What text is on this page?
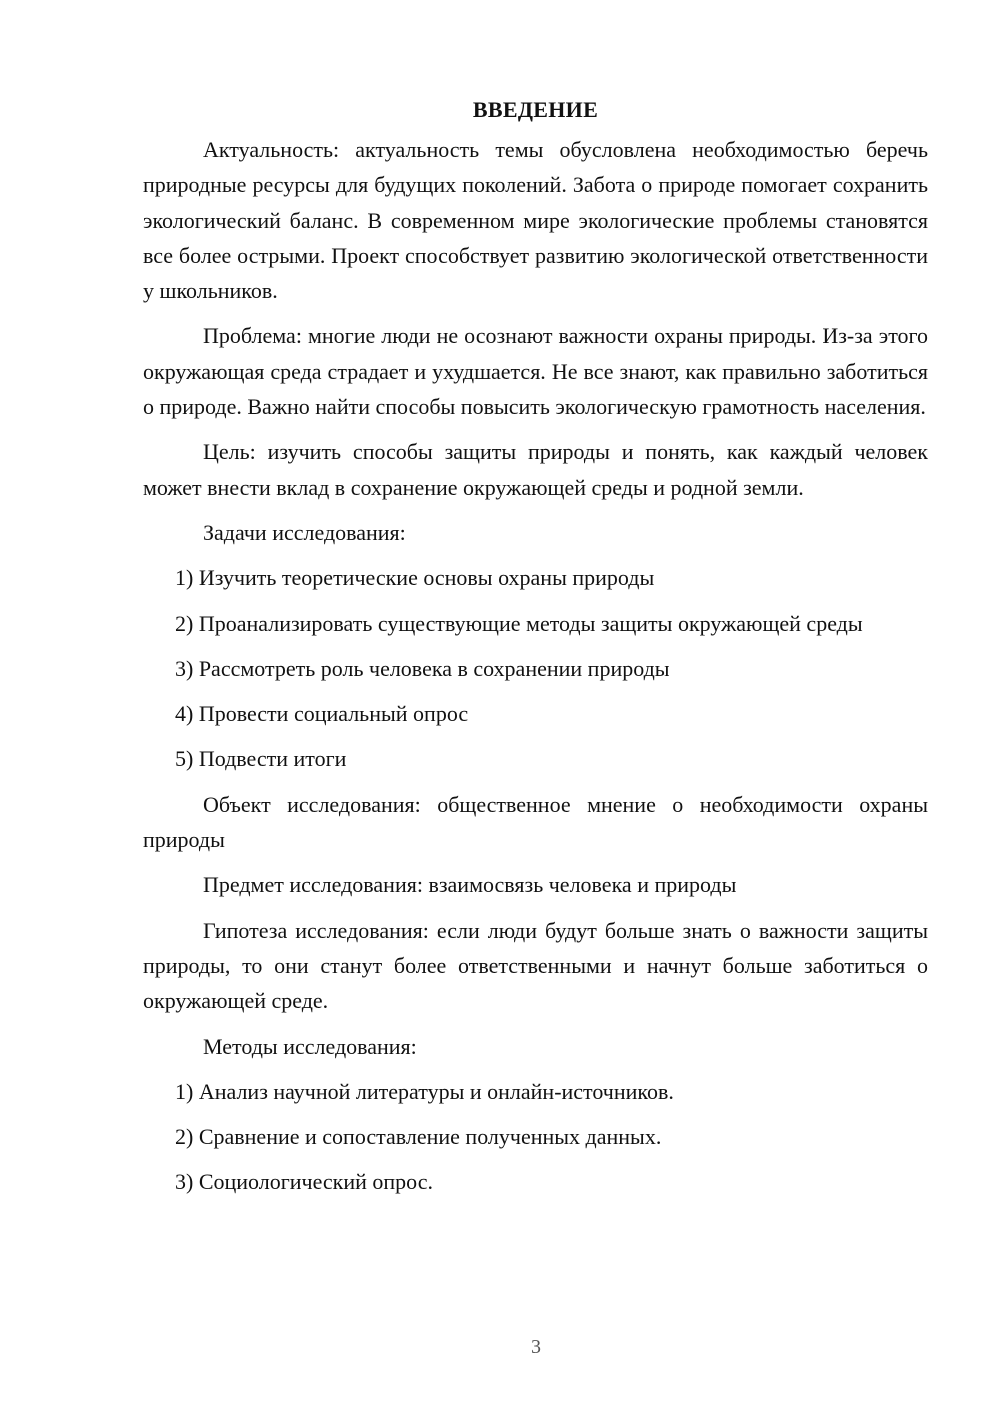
ВВЕДЕНИЕ

Актуальность: актуальность темы обусловлена необходимостью беречь природные ресурсы для будущих поколений. Забота о природе помогает сохранить экологический баланс. В современном мире экологические проблемы становятся все более острыми. Проект способствует развитию экологической ответственности у школьников.

Проблема: многие люди не осознают важности охраны природы. Из-за этого окружающая среда страдает и ухудшается. Не все знают, как правильно заботиться о природе. Важно найти способы повысить экологическую грамотность населения.

Цель: изучить способы защиты природы и понять, как каждый человек может внести вклад в сохранение окружающей среды и родной земли.

Задачи исследования:

1) Изучить теоретические основы охраны природы

2) Проанализировать существующие методы защиты окружающей среды

3) Рассмотреть роль человека в сохранении природы

4) Провести социальный опрос

5) Подвести итоги

Объект исследования: общественное мнение о необходимости охраны природы

Предмет исследования: взаимосвязь человека и природы

Гипотеза исследования: если люди будут больше знать о важности защиты природы, то они станут более ответственными и начнут больше заботиться о окружающей среде.

Методы исследования:

1) Анализ научной литературы и онлайн-источников.

2) Сравнение и сопоставление полученных данных.

3) Социологический опрос.

3
